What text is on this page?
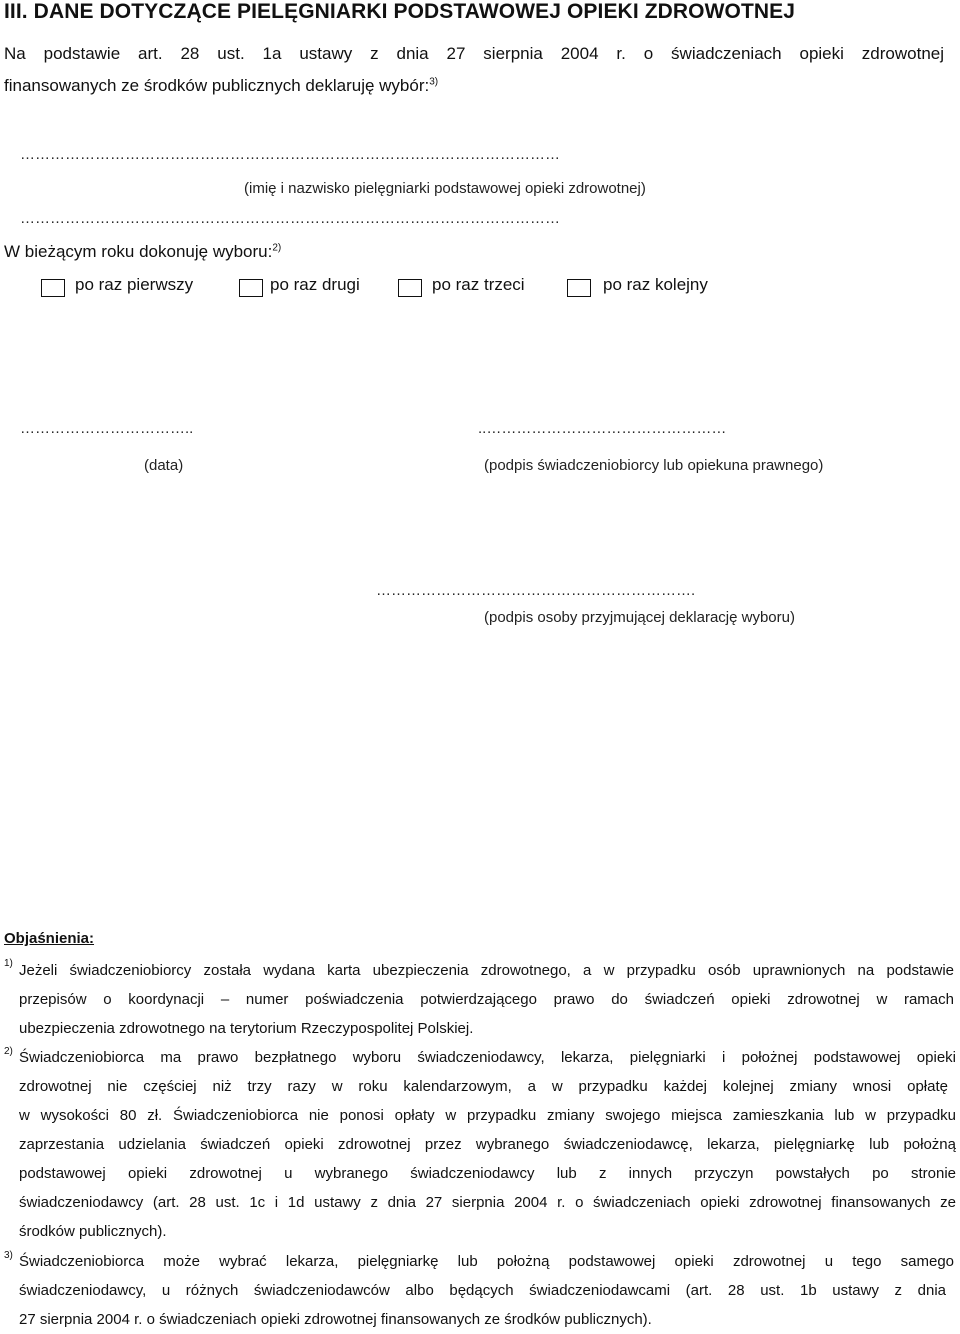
III. DANE DOTYCZĄCE PIELĘGNIARKI PODSTAWOWEJ OPIEKI ZDROWOTNEJ
Na podstawie art. 28 ust. 1a ustawy z dnia 27 sierpnia 2004 r. o świadczeniach opieki zdrowotnej
finansowanych ze środków publicznych deklaruję wybór:$^{3)}$
………………………………………………………………………………………………
(imię i nazwisko pielęgniarki podstawowej opieki zdrowotnej)
………………………………………………………………………………………………
W bieżącym roku dokonuję wyboru:$^{2)}$
po raz pierwszy	po raz drugi	po raz trzeci	po raz kolejny
……………………………..
(data)
..…………………………………………
(podpis świadczeniobiorcy lub opiekuna prawnego)
……………………………………………………….
(podpis osoby przyjmującej deklarację wyboru)
Objaśnienia:
1) Jeżeli świadczeniobiorcy została wydana karta ubezpieczenia zdrowotnego, a w przypadku osób uprawnionych na podstawie
przepisów o koordynacji – numer poświadczenia potwierdzającego prawo do świadczeń opieki zdrowotnej w ramach
ubezpieczenia zdrowotnego na terytorium Rzeczypospolitej Polskiej.
2) Świadczeniobiorca ma prawo bezpłatnego wyboru świadczeniodawcy, lekarza, pielęgniarki i położnej podstawowej opieki
zdrowotnej nie częściej niż trzy razy w roku kalendarzowym, a w przypadku każdej kolejnej zmiany wnosi opłatę
w wysokości 80 zł. Świadczeniobiorca nie ponosi opłaty w przypadku zmiany swojego miejsca zamieszkania lub w przypadku
zaprzestania udzielania świadczeń opieki zdrowotnej przez wybranego świadczeniodawcę, lekarza, pielęgniarkę lub położną
podstawowej opieki zdrowotnej u wybranego świadczeniodawcy lub z innych przyczyn powstałych po stronie
świadczeniodawcy (art. 28 ust. 1c i 1d ustawy z dnia 27 sierpnia 2004 r. o świadczeniach opieki zdrowotnej finansowanych ze
środków publicznych).
3) Świadczeniobiorca może wybrać lekarza, pielęgniarkę lub położną podstawowej opieki zdrowotnej u tego samego
świadczeniodawcy, u różnych świadczeniodawców albo będących świadczeniodawcami (art. 28 ust. 1b ustawy z dnia
27 sierpnia 2004 r. o świadczeniach opieki zdrowotnej finansowanych ze środków publicznych).
